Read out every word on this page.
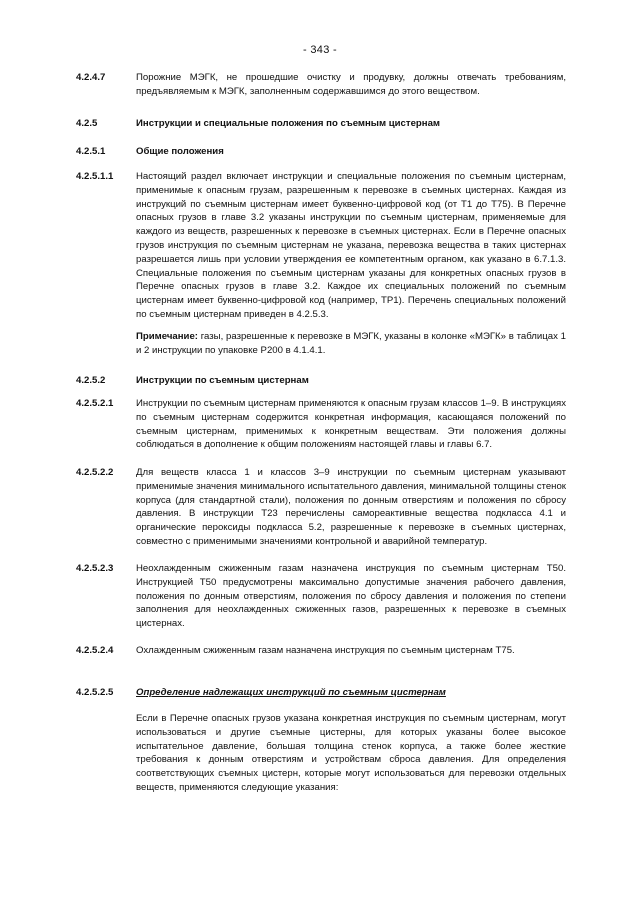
- 343 -
4.2.4.7	Порожние МЭГК, не прошедшие очистку и продувку, должны отвечать требованиям, предъявляемым к МЭГК, заполненным содержавшимся до этого веществом.
4.2.5	Инструкции и специальные положения по съемным цистернам
4.2.5.1	Общие положения
4.2.5.1.1 Настоящий раздел включает инструкции и специальные положения по съемным цистернам, применимые к опасным грузам, разрешенным к перевозке в съемных цистернах. Каждая из инструкций по съемным цистернам имеет буквенно-цифровой код (от Т1 до Т75). В Перечне опасных грузов в главе 3.2 указаны инструкции по съемным цистернам, применяемые для каждого из веществ, разрешенных к перевозке в съемных цистернах. Если в Перечне опасных грузов инструкция по съемным цистернам не указана, перевозка вещества в таких цистернах разрешается лишь при условии утверждения ее компетентным органом, как указано в 6.7.1.3. Специальные положения по съемным цистернам указаны для конкретных опасных грузов в Перечне опасных грузов в главе 3.2. Каждое их специальных положений по съемным цистернам имеет буквенно-цифровой код (например, ТР1). Перечень специальных положений по съемным цистернам приведен в 4.2.5.3.
Примечание: газы, разрешенные к перевозке в МЭГК, указаны в колонке «МЭГК» в таблицах 1 и 2 инструкции по упаковке Р200 в 4.1.4.1.
4.2.5.2	Инструкции по съемным цистернам
4.2.5.2.1 Инструкции по съемным цистернам применяются к опасным грузам классов 1–9. В инструкциях по съемным цистернам содержится конкретная информация, касающаяся положений по съемным цистернам, применимых к конкретным веществам. Эти положения должны соблюдаться в дополнение к общим положениям настоящей главы и главы 6.7.
4.2.5.2.2 Для веществ класса 1 и классов 3–9 инструкции по съемным цистернам указывают применимые значения минимального испытательного давления, минимальной толщины стенок корпуса (для стандартной стали), положения по донным отверстиям и положения по сбросу давления. В инструкции Т23 перечислены самореактивные вещества подкласса 4.1 и органические пероксиды подкласса 5.2, разрешенные к перевозке в съемных цистернах, совместно с применимыми значениями контрольной и аварийной температур.
4.2.5.2.3 Неохлажденным сжиженным газам назначена инструкция по съемным цистернам Т50. Инструкцией Т50 предусмотрены максимально допустимые значения рабочего давления, положения по донным отверстиям, положения по сбросу давления и положения по степени заполнения для неохлажденных сжиженных газов, разрешенных к перевозке в съемных цистернах.
4.2.5.2.4 Охлажденным сжиженным газам назначена инструкция по съемным цистернам Т75.
4.2.5.2.5 Определение надлежащих инструкций по съемным цистернам
Если в Перечне опасных грузов указана конкретная инструкция по съемным цистернам, могут использоваться и другие съемные цистерны, для которых указаны более высокое испытательное давление, большая толщина стенок корпуса, а также более жесткие требования к донным отверстиям и устройствам сброса давления. Для определения соответствующих съемных цистерн, которые могут использоваться для перевозки отдельных веществ, применяются следующие указания:
